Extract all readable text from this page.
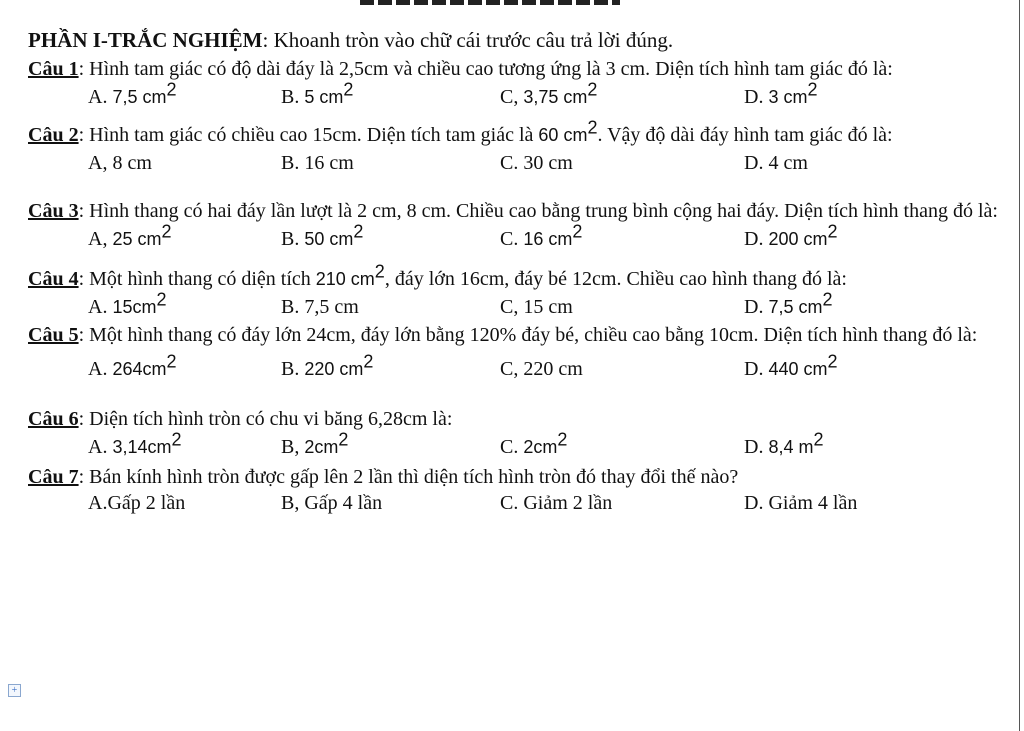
+
PHẦN I-TRẮC NGHIỆM: Khoanh tròn vào chữ cái trước câu trả lời đúng.
Câu 1: Hình tam giác có độ dài đáy là 2,5cm và chiều cao tương ứng là 3 cm. Diện tích hình tam giác đó là:
A. 7,5 $cm^2$	B. 5 $cm^2$	C, 3,75 $cm^2$	D. 3 $cm^2$
Câu 2: Hình tam giác có chiều cao 15cm. Diện tích tam giác là 60 $cm^2$. Vậy độ dài đáy hình tam giác đó là:
A, 8 cm	B. 16 cm	C. 30 cm	D. 4 cm
Câu 3: Hình thang có hai đáy lần lượt là 2 cm, 8 cm. Chiều cao bằng trung bình cộng hai đáy. Diện tích hình thang đó là:
A, 25 $cm^2$	B. 50 $cm^2$	C. 16 $cm^2$	D. 200 $cm^2$
Câu 4: Một hình thang có diện tích 210 $cm^2$, đáy lớn 16cm, đáy bé 12cm. Chiều cao hình thang đó là:
A. $15cm^2$	B. 7,5 cm	C, 15 cm	D. 7,5 $cm^2$
Câu 5: Một hình thang có đáy lớn 24cm, đáy lớn bằng 120% đáy bé, chiều cao bằng 10cm. Diện tích hình thang đó là:
A. $264cm^2$	B. 220 $cm^2$	C, 220 cm	D. 440 $cm^2$
Câu 6: Diện tích hình tròn có chu vi băng 6,28cm là:
A. $3,14cm^2$	B, $2cm^2$	C. $2cm^2$	D. 8,4 $m^2$
Câu 7: Bán kính hình tròn được gấp lên 2 lần thì diện tích hình tròn đó thay đổi thế nào?
A.Gấp 2 lần	B, Gấp 4 lần	C. Giảm 2 lần	D. Giảm 4 lần
